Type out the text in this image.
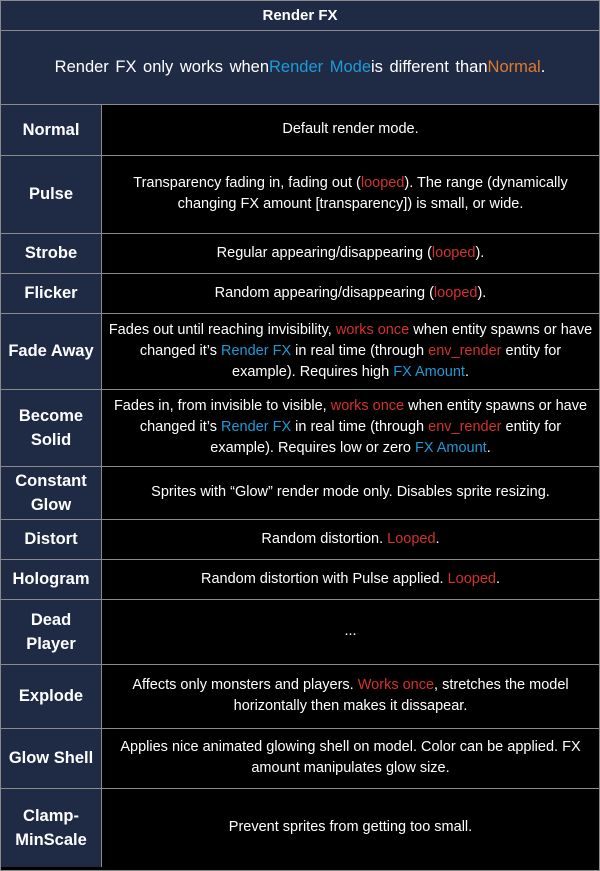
Render FX
Render FX only works when Render Mode is different than Normal .
Normal	Default render mode.
Pulse	Transparency fading in, fading out (looped). The range (dynamically changing FX amount [transparency]) is small, or wide.
Strobe	Regular appearing/disappearing (looped).
Flicker	Random appearing/disappearing (looped).
Fade Away	Fades out until reaching invisibility, works once when entity spawns or have changed it’s Render FX in real time (through env_render entity for example). Requires high FX Amount.
Become Solid	Fades in, from invisible to visible, works once when entity spawns or have changed it’s Render FX in real time (through env_render entity for example). Requires low or zero FX Amount.
Constant Glow	Sprites with “Glow” render mode only. Disables sprite resizing.
Distort	Random distortion. Looped.
Hologram	Random distortion with Pulse applied. Looped.
Dead Player	...
Explode	Affects only monsters and players. Works once, stretches the model horizontally then makes it dissapear.
Glow Shell	Applies nice animated glowing shell on model. Color can be applied. FX amount manipulates glow size.
Clamp-MinScale	Prevent sprites from getting too small.
